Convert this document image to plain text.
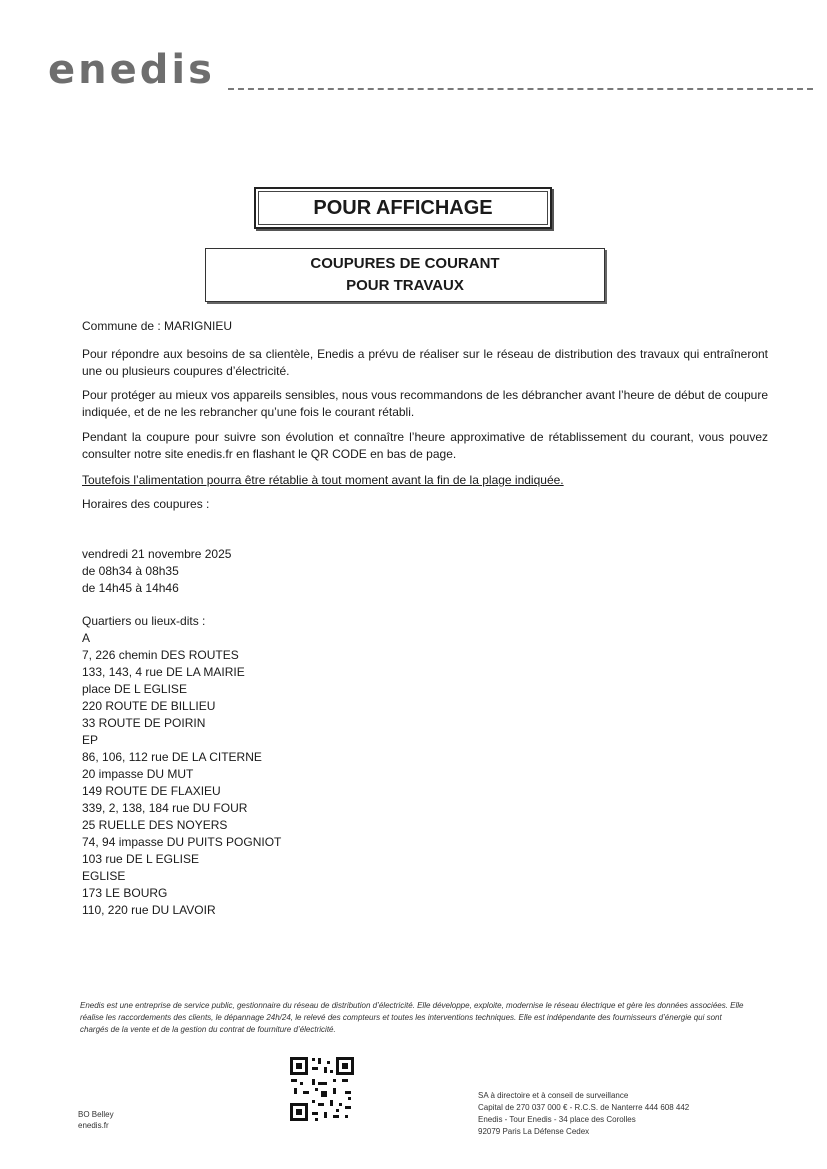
enedis
POUR AFFICHAGE
COUPURES DE COURANT
POUR TRAVAUX
Commune de : MARIGNIEU
Pour répondre aux besoins de sa clientèle, Enedis a prévu de réaliser sur le réseau de distribution des travaux qui entraîneront une ou plusieurs coupures d’électricité.
Pour protéger au mieux vos appareils sensibles, nous vous recommandons de les débrancher avant l’heure de début de coupure indiquée, et de ne les rebrancher qu’une fois le courant rétabli.
Pendant la coupure pour suivre son évolution et connaître l’heure approximative de rétablissement du courant, vous pouvez consulter notre site enedis.fr en flashant le QR CODE en bas de page.
Toutefois l’alimentation pourra être rétablie à tout moment avant la fin de la plage indiquée.
Horaires des coupures :
vendredi 21 novembre 2025
de 08h34 à 08h35
de 14h45 à 14h46
Quartiers ou lieux-dits :
A
7, 226 chemin DES ROUTES
133, 143, 4 rue DE LA MAIRIE
place DE L EGLISE
220 ROUTE DE BILLIEU
33 ROUTE DE POIRIN
EP
86, 106, 112 rue DE LA CITERNE
20 impasse DU MUT
149 ROUTE DE FLAXIEU
339, 2, 138, 184 rue DU FOUR
25 RUELLE DES NOYERS
74, 94 impasse DU PUITS POGNIOT
103 rue DE L EGLISE
EGLISE
173 LE BOURG
110, 220 rue DU LAVOIR
Enedis est une entreprise de service public, gestionnaire du réseau de distribution d’électricité. Elle développe, exploite, modernise le réseau électrique et gère les données associées. Elle réalise les raccordements des clients, le dépannage 24h/24, le relevé des compteurs et toutes les interventions techniques. Elle est indépendante des fournisseurs d’énergie qui sont chargés de la vente et de la gestion du contrat de fourniture d’électricité.
BO Belley
enedis.fr
SA à directoire et à conseil de surveillance
Capital de 270 037 000 € - R.C.S. de Nanterre 444 608 442
Enedis - Tour Enedis - 34 place des Corolles
92079 Paris La Défense Cedex
